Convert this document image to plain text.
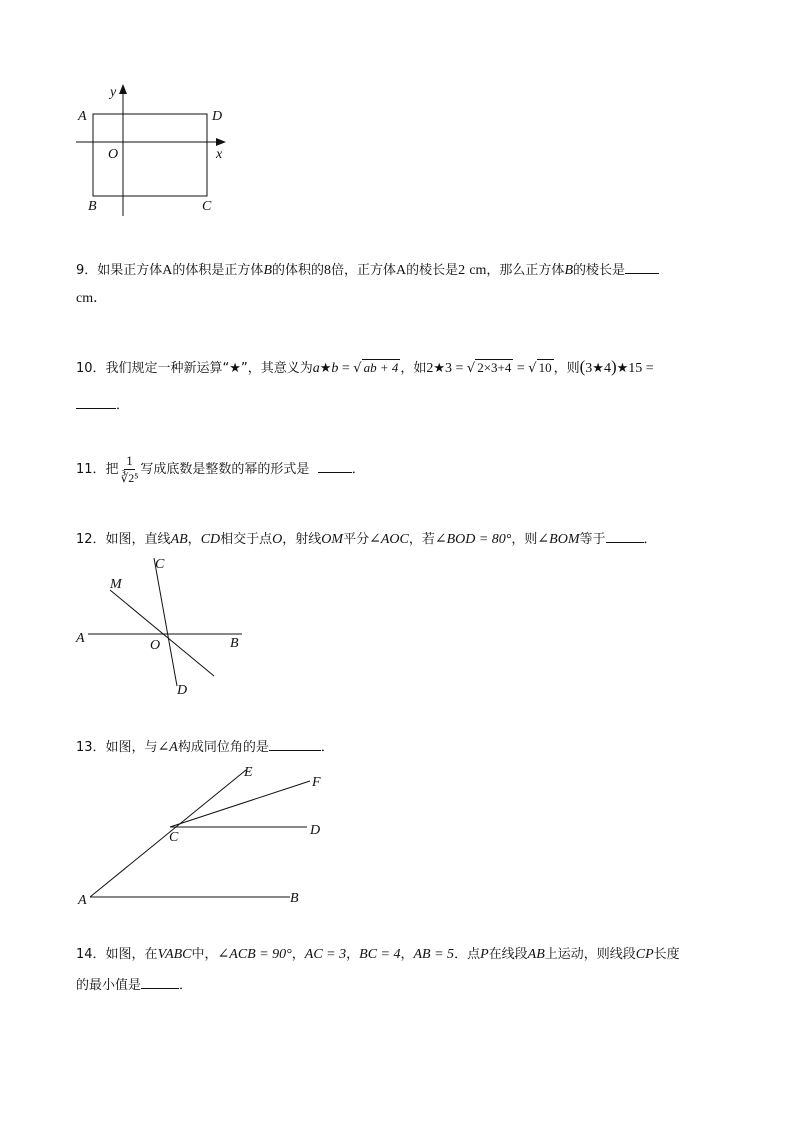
y
A	D
O	x
B	C
9．如果正方体A的体积是正方体B的体积的8倍，正方体A的棱长是2 cm，那么正方体B的棱长是
cm．
10．我们规定一种新运算“★”，其意义为a★b = √ ab + 4 ，如2★3 = √ 2×3+4 = √ 10 ，则(3★4)★15 =
．
11．把 $\frac{1}{\text{∛2⁵}}$ 写成底数是整数的幂的形式是	．
12．如图，直线AB，CD相交于点O，射线OM平分∠AOC，若∠BOD = 80°，则∠BOM等于	．
C
M
A	O	B
D
13．如图，与∠A构成同位角的是	．
E
F
C	D
A	B
14．如图，在VABC中，∠ACB = 90°，AC = 3，BC = 4，AB = 5．点P在线段AB上运动，则线段CP长度
的最小值是	．
